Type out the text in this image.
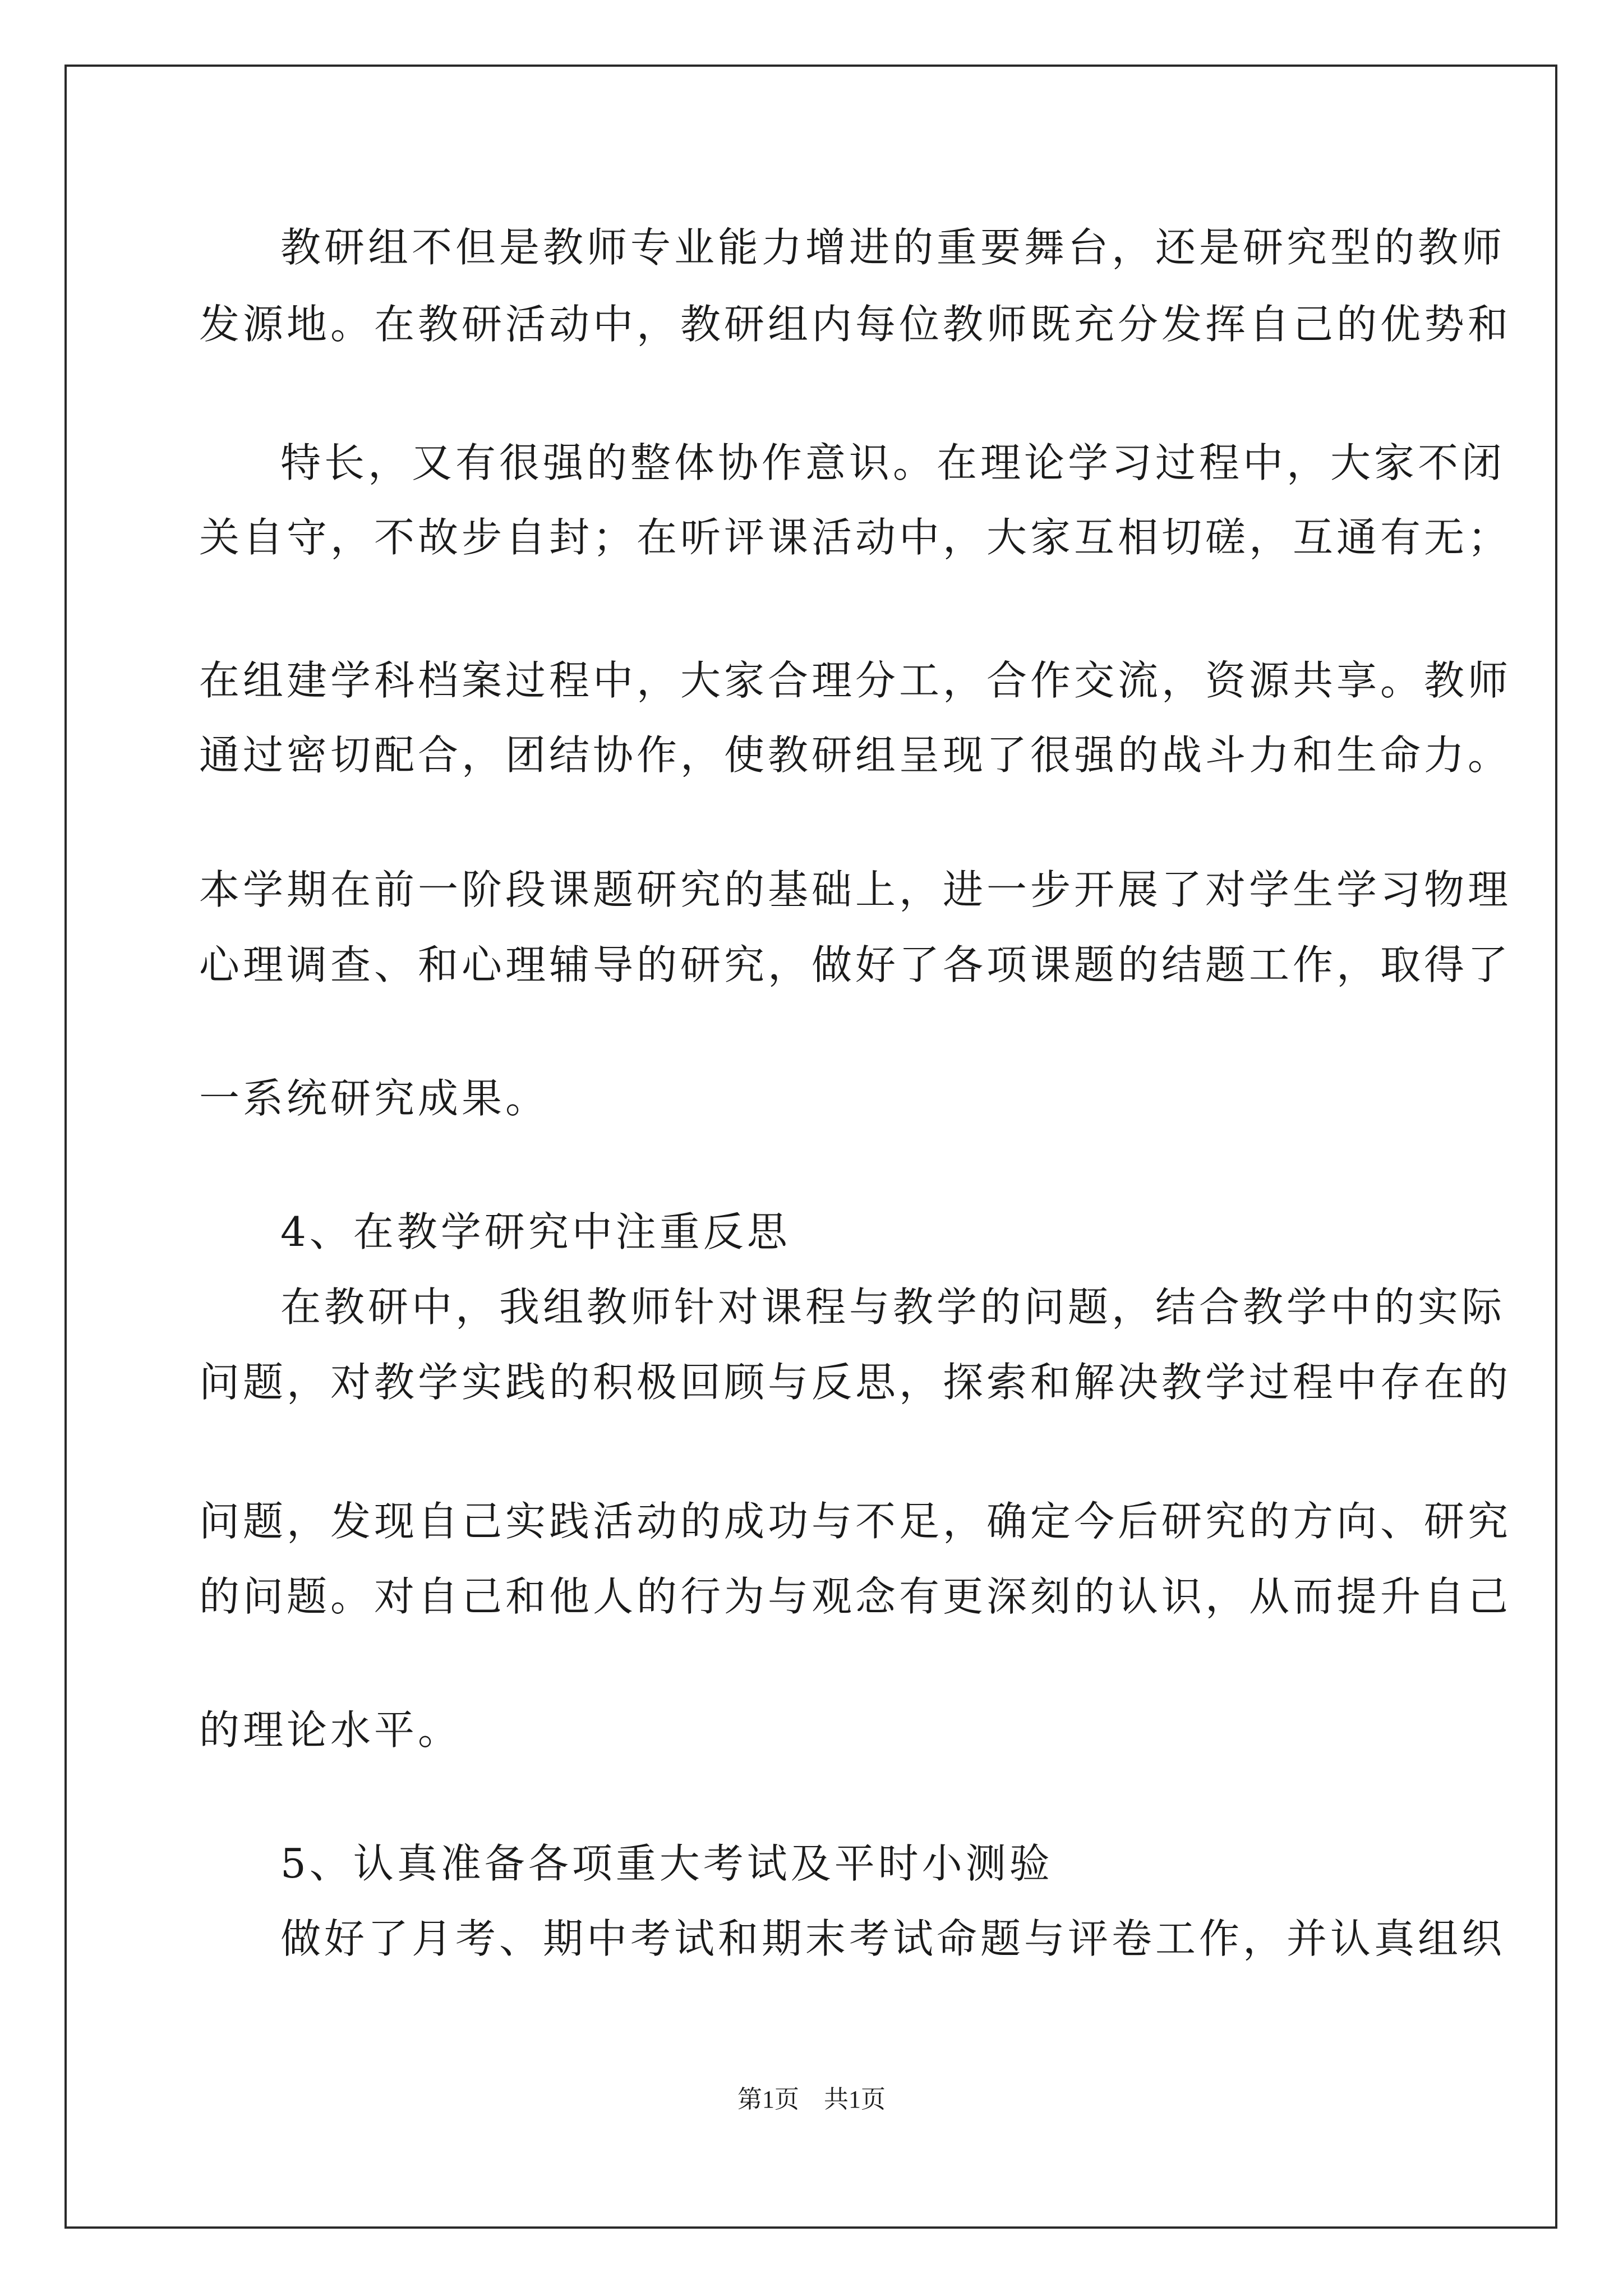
教研组不但是教师专业能力增进的重要舞台，还是研究型的教师
发源地。在教研活动中，教研组内每位教师既充分发挥自己的优势和
特长，又有很强的整体协作意识。在理论学习过程中，大家不闭
关自守，不故步自封；在听评课活动中，大家互相切磋，互通有无；
在组建学科档案过程中，大家合理分工，合作交流，资源共享。教师
通过密切配合，团结协作，使教研组呈现了很强的战斗力和生命力。
本学期在前一阶段课题研究的基础上，进一步开展了对学生学习物理
心理调查、和心理辅导的研究，做好了各项课题的结题工作，取得了
一系统研究成果。
4、在教学研究中注重反思
在教研中，我组教师针对课程与教学的问题，结合教学中的实际
问题，对教学实践的积极回顾与反思，探索和解决教学过程中存在的
问题，发现自己实践活动的成功与不足，确定今后研究的方向、研究
的问题。对自己和他人的行为与观念有更深刻的认识，从而提升自己
的理论水平。
5、认真准备各项重大考试及平时小测验
做好了月考、期中考试和期末考试命题与评卷工作，并认真组织
第1页　共1页
